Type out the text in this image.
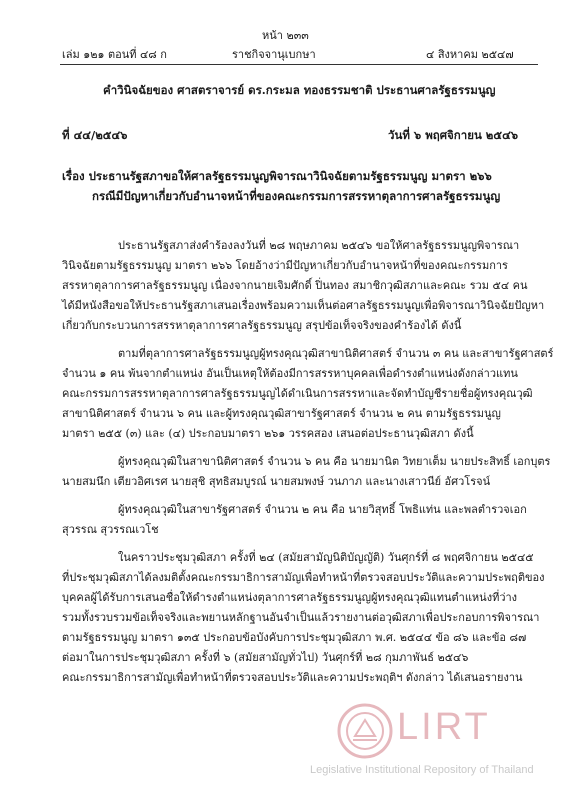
หน้า ๒๓๓
เล่ม ๑๒๑ ตอนที่ ๔๘ ก	ราชกิจจานุเบกษา	๔ สิงหาคม ๒๕๔๗
คำวินิจฉัยของ ศาสตราจารย์ ดร.กระมล ทองธรรมชาติ ประธานศาลรัฐธรรมนูญ
ที่ ๔๔/๒๕๔๖	วันที่ ๖ พฤศจิกายน ๒๕๔๖
เรื่อง ประธานรัฐสภาขอให้ศาลรัฐธรรมนูญพิจารณาวินิจฉัยตามรัฐธรรมนูญ มาตรา ๒๖๖
กรณีมีปัญหาเกี่ยวกับอำนาจหน้าที่ของคณะกรรมการสรรหาตุลาการศาลรัฐธรรมนูญ
ประธานรัฐสภาส่งคำร้องลงวันที่ ๒๘ พฤษภาคม ๒๕๔๖ ขอให้ศาลรัฐธรรมนูญพิจารณา
วินิจฉัยตามรัฐธรรมนูญ มาตรา ๒๖๖ โดยอ้างว่ามีปัญหาเกี่ยวกับอำนาจหน้าที่ของคณะกรรมการ
สรรหาตุลาการศาลรัฐธรรมนูญ เนื่องจากนายเจิมศักดิ์ ปิ่นทอง สมาชิกวุฒิสภาและคณะ รวม ๕๔ คน
ได้มีหนังสือขอให้ประธานรัฐสภาเสนอเรื่องพร้อมความเห็นต่อศาลรัฐธรรมนูญเพื่อพิจารณาวินิจฉัยปัญหา
เกี่ยวกับกระบวนการสรรหาตุลาการศาลรัฐธรรมนูญ สรุปข้อเท็จจริงของคำร้องได้ ดังนี้
ตามที่ตุลาการศาลรัฐธรรมนูญผู้ทรงคุณวุฒิสาขานิติศาสตร์ จำนวน ๓ คน และสาขารัฐศาสตร์
จำนวน ๑ คน พ้นจากตำแหน่ง อันเป็นเหตุให้ต้องมีการสรรหาบุคคลเพื่อดำรงตำแหน่งดังกล่าวแทน
คณะกรรมการสรรหาตุลาการศาลรัฐธรรมนูญได้ดำเนินการสรรหาและจัดทำบัญชีรายชื่อผู้ทรงคุณวุฒิ
สาขานิติศาสตร์ จำนวน ๖ คน และผู้ทรงคุณวุฒิสาขารัฐศาสตร์ จำนวน ๒ คน ตามรัฐธรรมนูญ
มาตรา ๒๕๕ (๓) และ (๔) ประกอบมาตรา ๒๖๑ วรรคสอง เสนอต่อประธานวุฒิสภา ดังนี้
ผู้ทรงคุณวุฒิในสาขานิติศาสตร์ จำนวน ๖ คน คือ นายมานิต วิทยาเต็ม นายประสิทธิ์ เอกบุตร
นายสมนึก เตียวอิศเรศ นายสุชิ สุทธิสมบูรณ์ นายสมพงษ์ วนภาภ และนางเสาวนีย์ อัศวโรจน์
ผู้ทรงคุณวุฒิในสาขารัฐศาสตร์ จำนวน ๒ คน คือ นายวิสุทธิ์ โพธิแท่น และพลตำรวจเอก
สุวรรณ สุวรรณเวโช
ในคราวประชุมวุฒิสภา ครั้งที่ ๒๔ (สมัยสามัญนิติบัญญัติ) วันศุกร์ที่ ๘ พฤศจิกายน ๒๕๔๕
ที่ประชุมวุฒิสภาได้ลงมติตั้งคณะกรรมาธิการสามัญเพื่อทำหน้าที่ตรวจสอบประวัติและความประพฤติของ
บุคคลผู้ได้รับการเสนอชื่อให้ดำรงตำแหน่งตุลาการศาลรัฐธรรมนูญผู้ทรงคุณวุฒิแทนตำแหน่งที่ว่าง
รวมทั้งรวบรวมข้อเท็จจริงและพยานหลักฐานอันจำเป็นแล้วรายงานต่อวุฒิสภาเพื่อประกอบการพิจารณา
ตามรัฐธรรมนูญ มาตรา ๑๓๕ ประกอบข้อบังคับการประชุมวุฒิสภา พ.ศ. ๒๕๔๔ ข้อ ๘๖ และข้อ ๘๗
ต่อมาในการประชุมวุฒิสภา ครั้งที่ ๖ (สมัยสามัญทั่วไป) วันศุกร์ที่ ๒๘ กุมภาพันธ์ ๒๕๔๖
คณะกรรมาธิการสามัญเพื่อทำหน้าที่ตรวจสอบประวัติและความประพฤติฯ ดังกล่าว ได้เสนอรายงาน
LIRT
Legislative Institutional Repository of Thailand
